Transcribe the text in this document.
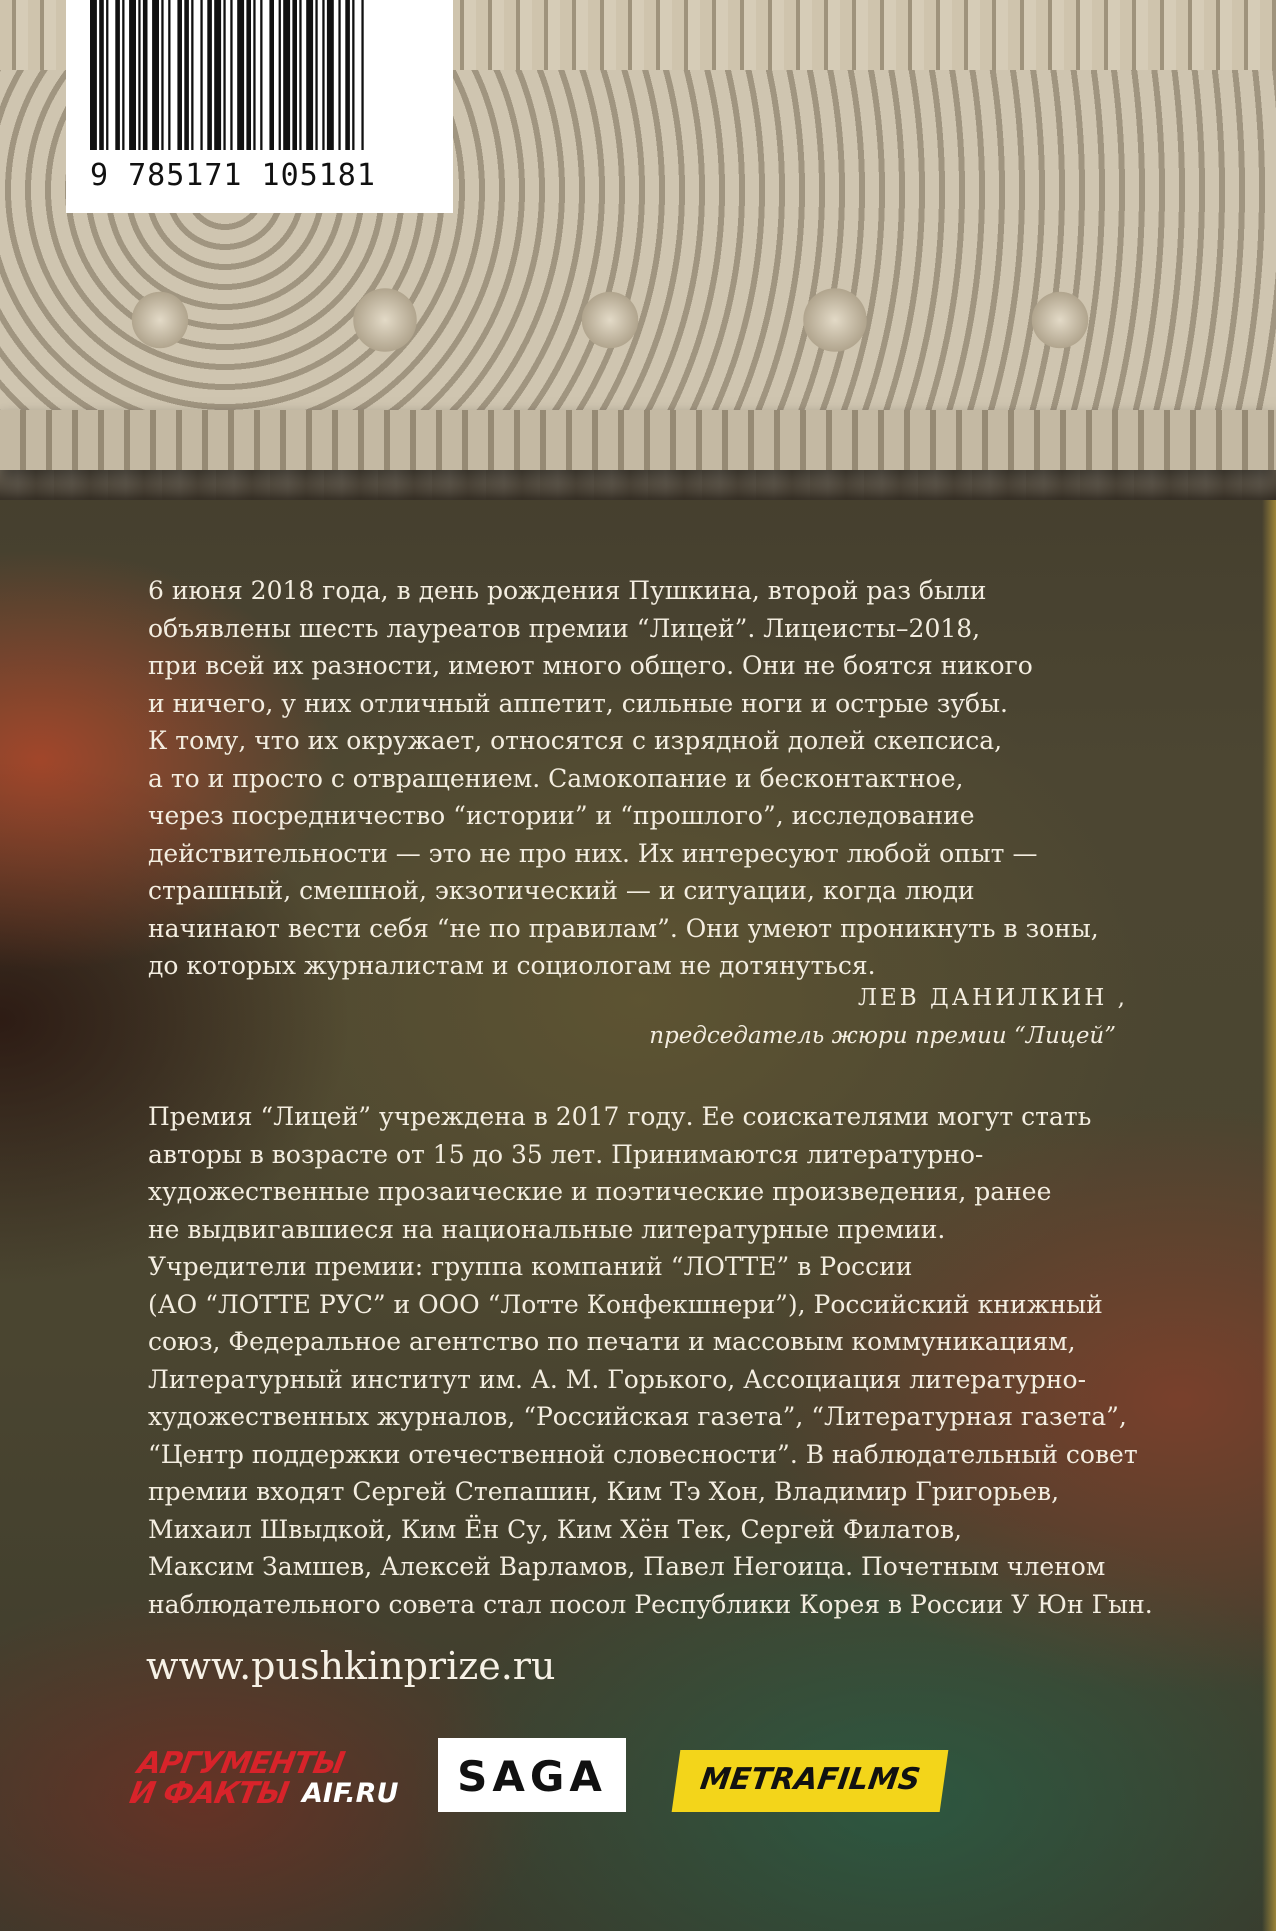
9 785171 105181

6 июня 2018 года, в день рождения Пушкина, второй раз были

объявлены шесть лауреатов премии “Лицей”. Лицеисты–2018,

при всей их разности, имеют много общего. Они не боятся никого

и ничего, у них отличный аппетит, сильные ноги и острые зубы.

К тому, что их окружает, относятся с изрядной долей скепсиса,

а то и просто с отвращением. Самокопание и бесконтактное,

через посредничество “истории” и “прошлого”, исследование

действительности — это не про них. Их интересуют любой опыт —

страшный, смешной, экзотический — и ситуации, когда люди

начинают вести себя “не по правилам”. Они умеют проникнуть в зоны,

до которых журналистам и социологам не дотянуться.

ЛЕВ ДАНИЛКИН ,
председатель жюри премии “Лицей”

Премия “Лицей” учреждена в 2017 году. Ее соискателями могут стать

авторы в возрасте от 15 до 35 лет. Принимаются литературно-

художественные прозаические и поэтические произведения, ранее

не выдвигавшиеся на национальные литературные премии.

Учредители премии: группа компаний “ЛОТТЕ” в России

(АО “ЛОТТЕ РУС” и ООО “Лотте Конфекшнери”), Российский книжный

союз, Федеральное агентство по печати и массовым коммуникациям,

Литературный институт им. А. М. Горького, Ассоциация литературно-

художественных журналов, “Российская газета”, “Литературная газета”,

“Центр поддержки отечественной словесности”. В наблюдательный совет

премии входят Сергей Степашин, Ким Тэ Хон, Владимир Григорьев,

Михаил Швыдкой, Ким Ён Су, Ким Хён Тек, Сергей Филатов,

Максим Замшев, Алексей Варламов, Павел Негоица. Почетным членом

наблюдательного совета стал посол Республики Корея в России У Юн Гын.

www.pushkinprize.ru
АРГУМЕНТЫ
И ФАКТЫ AIF.RU	SAGA	METRAFILMS
